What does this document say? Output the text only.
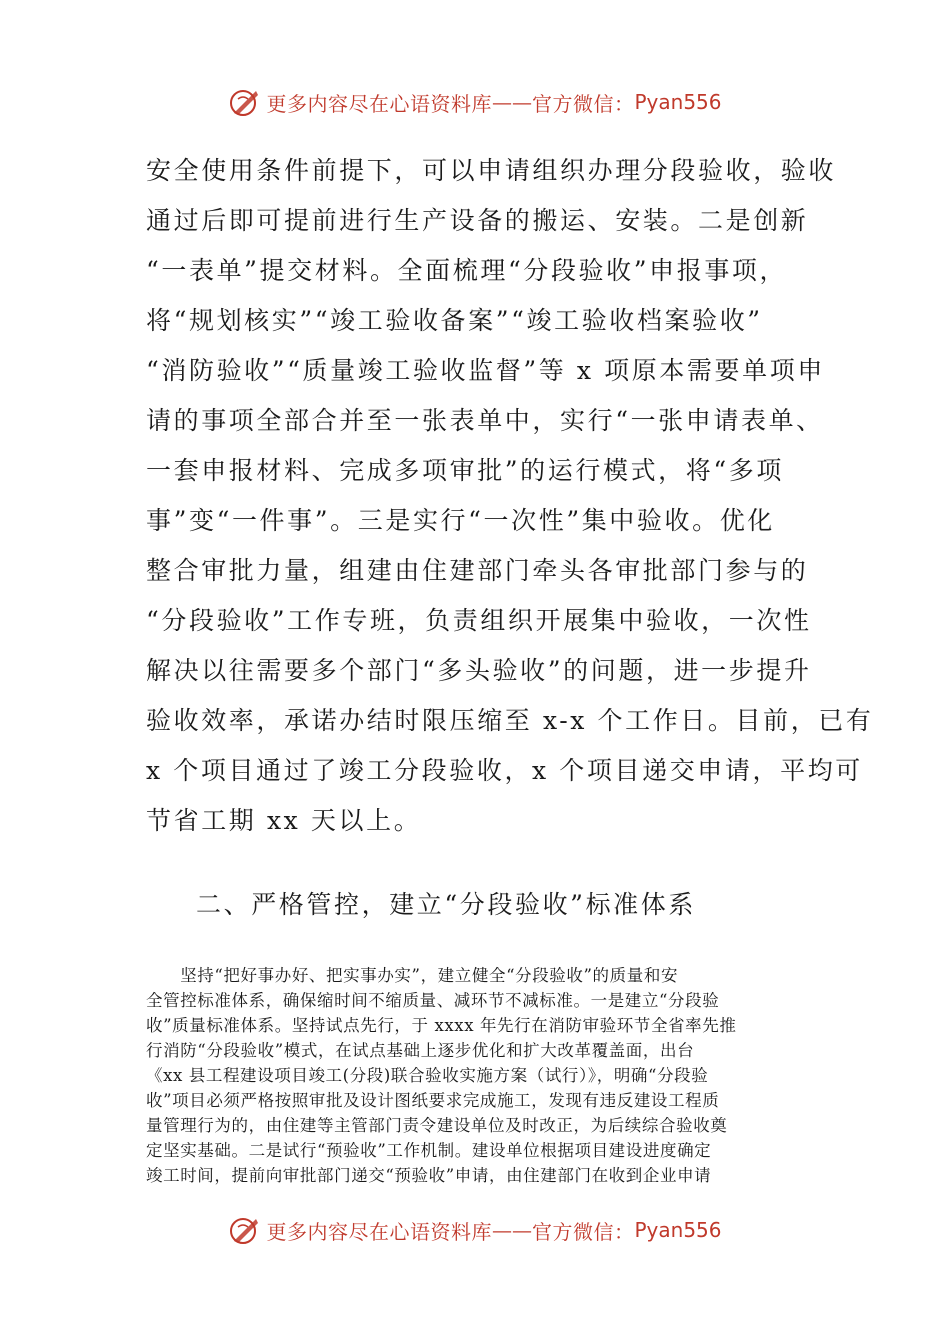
更多内容尽在心语资料库 —— 官方微信： Pyan556
安全使用条件前提下，可以申请组织办理分段验收，验收
通过后即可提前进行生产设备的搬运、安装。二是创新
“一表单”提交材料。全面梳理“分段验收”申报事项，
将“规划核实”“竣工验收备案”“竣工验收档案验收”
“消防验收”“质量竣工验收监督”等 x 项原本需要单项申
请的事项全部合并至一张表单中，实行“一张申请表单、
一套申报材料、完成多项审批”的运行模式，将“多项
事”变“一件事”。三是实行“一次性”集中验收。优化
整合审批力量，组建由住建部门牵头各审批部门参与的
“分段验收”工作专班，负责组织开展集中验收，一次性
解决以往需要多个部门“多头验收”的问题，进一步提升
验收效率，承诺办结时限压缩至 x-x 个工作日。目前，已有
x 个项目通过了竣工分段验收，x 个项目递交申请，平均可
节省工期 xx 天以上。
二、严格管控，建立“分段验收”标准体系
　　坚持“把好事办好、把实事办实”，建立健全“分段验收”的质量和安
全管控标准体系，确保缩时间不缩质量、减环节不减标准。一是建立“分段验
收”质量标准体系。坚持试点先行，于 xxxx 年先行在消防审验环节全省率先推
行消防“分段验收”模式，在试点基础上逐步优化和扩大改革覆盖面，出台
《xx 县工程建设项目竣工(分段)联合验收实施方案（试行）》，明确“分段验
收”项目必须严格按照审批及设计图纸要求完成施工，发现有违反建设工程质
量管理行为的，由住建等主管部门责令建设单位及时改正，为后续综合验收奠
定坚实基础。二是试行“预验收”工作机制。建设单位根据项目建设进度确定
竣工时间，提前向审批部门递交“预验收”申请，由住建部门在收到企业申请
更多内容尽在心语资料库 —— 官方微信： Pyan556
